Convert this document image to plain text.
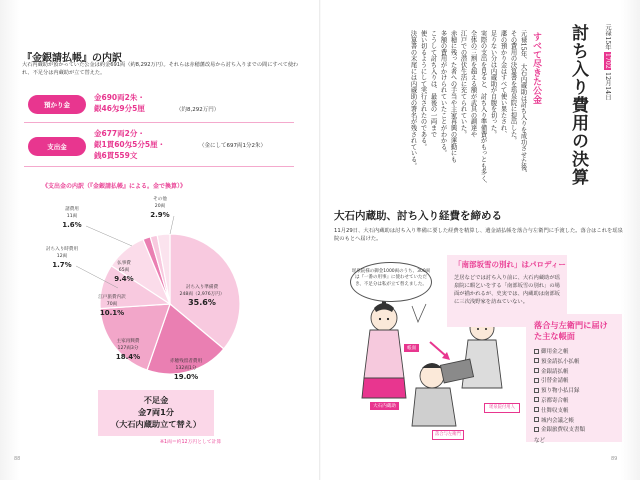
『金銀請払帳』の内訳
大石内蔵助が預かっていた公金は約金691両（約8,292万円）。それらは赤穂藩改易から討ち入りまでの間にすべて使われ、不足分は内蔵助が立て替えた。
預かり金
金690両2朱・
銀46匁9分5厘	（約8,292万円）
支出金
金677両2分・
銀1貫60匁5分5厘・
銭6貫559文
（金にして697両1分2朱）
《支出金の内訳（『金銀請払帳』による。金で換算）》
討ち入り準備費
248両（2,976万円）
35.6%
赤穂残留者費用
132両1分
19.0%
主家再興費
127両3分
18.4%
江戸旅費内訳
70両
10.1%
仏事費
65両
9.4%
討ち入り時費用
12両
1.7%
諸費用
11両
1.6%
その他
20両
2.9%
不足金
金7両1分
（大石内蔵助立て替え）
※1両＝約12万円として計算
88
元禄15年 1702 12月14日
討ち入り費用の決算
すべて尽きた公金
元禄15年、大石内蔵助は討ち入りを成功させた後、
その費用の決算書を瑶泉院に提出した。
藩の預かり金はすべて使い果たされ、
足りない分は内蔵助が自腹を切った。
実際の支出を見ると、討ち入り準備費がもっとも多く、
全体の三割を超える額が武具の調達や
江戸での潜伏生活に充てられていた。
赤穂に残った者への手当や主家再興の運動にも
多額の費用がかけられていたことがわかる。
こうして討ち入りは、最後の一両まで
使い切るようにして実行されたのである。
決算書の末尾には内蔵助の署名が残されている。
大石内蔵助、討ち入り経費を締める
11月29日、大石内蔵助は討ち入り準備に要した経費を精算し、遺金請払帳を落合与左衛門に手渡した。落合はこれを瑶泉院のもとへ届けた。
瑶泉院様の御金1000両のうち、300両は『一番の用事』に使わせていただき、不足分は私が立て替えました。
大石内蔵助
帳面
瑶泉院付用人
落合与左衛門
「南部坂雪の別れ」はパロディー
芝居などでは討ち入り前に、大石内蔵助が瑶泉院に暇乞いをする「南部坂雪の別れ」の場面が描かれるが、史実では、内蔵助は南部坂に三次浅野家を訪ねていない。
落合与左衛門に届けた主な帳面
御用金之帳
預金請払小払帳
金銀請払帳
引替金請帳
預り物小払目録
京都寄合帳
仕舞収支帳
城内会議之帳
金銀旅費収支書類
など
89
